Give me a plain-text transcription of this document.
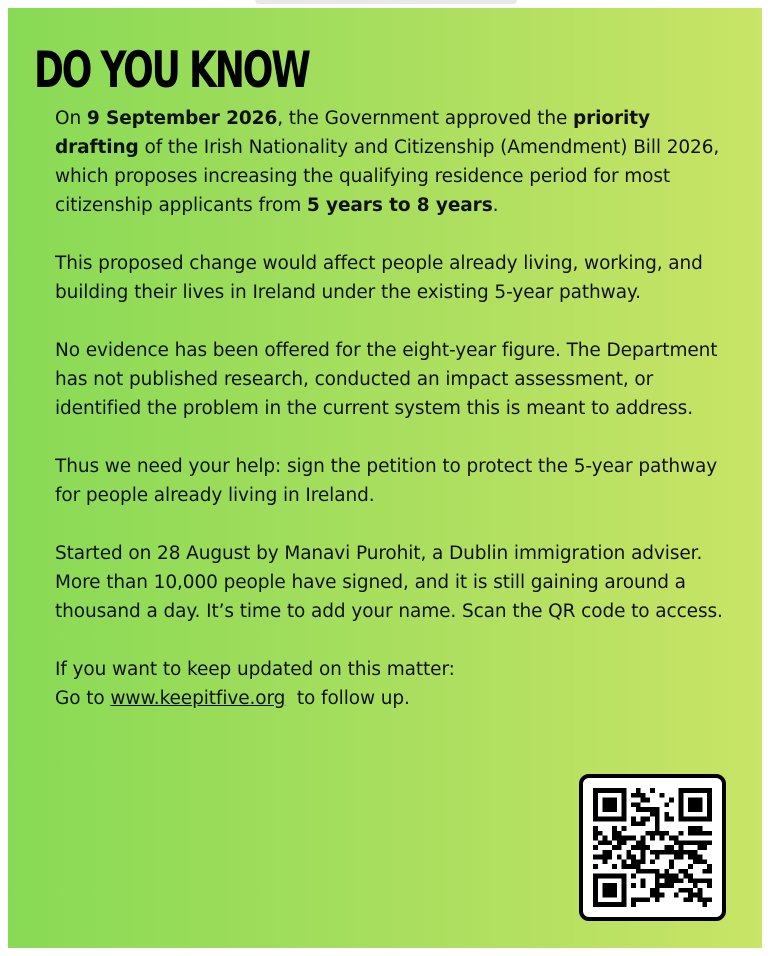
DO YOU KNOW

On 9 September 2026, the Government approved the priority drafting of the Irish Nationality and Citizenship (Amendment) Bill 2026, which proposes increasing the qualifying residence period for most citizenship applicants from 5 years to 8 years.

This proposed change would affect people already living, working, and building their lives in Ireland under the existing 5-year pathway.

No evidence has been offered for the eight-year figure. The Department has not published research, conducted an impact assessment, or identified the problem in the current system this is meant to address.

Thus we need your help: sign the petition to protect the 5-year pathway for people already living in Ireland.

Started on 28 August by Manavi Purohit, a Dublin immigration adviser. More than 10,000 people have signed, and it is still gaining around a thousand a day. It’s time to add your name. Scan the QR code to access.

If you want to keep updated on this matter:
Go to www.keepitfive.org  to follow up.
